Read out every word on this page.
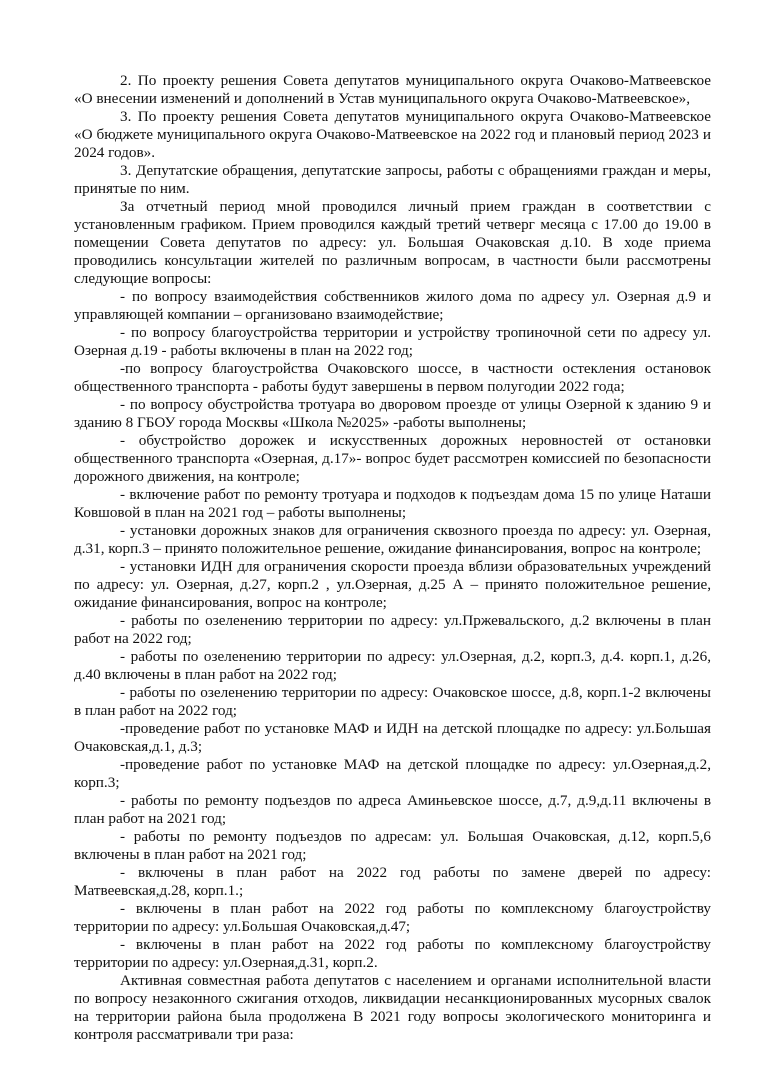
2. По проекту решения Совета депутатов муниципального округа Очаково-Матвеевское «О внесении изменений и дополнений в Устав муниципального округа Очаково-Матвеевское»,

3. По проекту решения Совета депутатов муниципального округа Очаково-Матвеевское «О бюджете муниципального округа Очаково-Матвеевское на 2022 год и плановый период 2023 и 2024 годов».

3. Депутатские обращения, депутатские запросы, работы с обращениями граждан и меры, принятые по ним.

За отчетный период мной проводился личный прием граждан в соответствии с установленным графиком. Прием проводился каждый третий четверг месяца с 17.00 до 19.00 в помещении Совета депутатов по адресу: ул. Большая Очаковская д.10. В ходе приема проводились консультации жителей по различным вопросам, в частности были рассмотрены следующие вопросы:

- по вопросу взаимодействия собственников жилого дома по адресу ул. Озерная д.9 и управляющей компании – организовано взаимодействие;

- по вопросу благоустройства территории и устройству тропиночной сети по адресу ул. Озерная д.19 - работы включены в план на 2022 год;

-по вопросу благоустройства Очаковского шоссе, в частности остекления остановок общественного транспорта - работы будут завершены в первом полугодии 2022 года;

- по вопросу обустройства тротуара во дворовом проезде от улицы Озерной к зданию 9 и зданию 8 ГБОУ города Москвы «Школа №2025» -работы выполнены;

- обустройство дорожек и искусственных дорожных неровностей от остановки общественного транспорта «Озерная, д.17»- вопрос будет рассмотрен комиссией по безопасности дорожного движения, на контроле;

- включение работ по ремонту тротуара и подходов к подъездам дома 15 по улице Наташи Ковшовой в план на 2021 год – работы выполнены;

- установки дорожных знаков для ограничения сквозного проезда по адресу: ул. Озерная, д.31, корп.3 – принято положительное решение, ожидание финансирования, вопрос на контроле;

- установки ИДН для ограничения скорости проезда вблизи образовательных учреждений по адресу: ул. Озерная, д.27, корп.2 , ул.Озерная, д.25 А – принято положительное решение, ожидание финансирования, вопрос на контроле;

- работы по озеленению территории по адресу: ул.Пржевальского, д.2 включены в план работ на 2022 год;

- работы по озеленению территории по адресу: ул.Озерная, д.2, корп.3, д.4. корп.1, д.26, д.40 включены в план работ на 2022 год;

- работы по озеленению территории по адресу: Очаковское шоссе, д.8, корп.1-2 включены в план работ на 2022 год;

-проведение работ по установке МАФ и ИДН на детской площадке по адресу: ул.Большая Очаковская,д.1, д.3;

-проведение работ по установке МАФ на детской площадке по адресу: ул.Озерная,д.2, корп.3;

- работы по ремонту подъездов по адреса Аминьевское шоссе, д.7, д.9,д.11 включены в план работ на 2021 год;

- работы по ремонту подъездов по адресам: ул. Большая Очаковская, д.12, корп.5,6 включены в план работ на 2021 год;

- включены в план работ на 2022 год работы по замене дверей по адресу: Матвеевская,д.28, корп.1.;

- включены в план работ на 2022 год работы по комплексному благоустройству территории по адресу: ул.Большая Очаковская,д.47;

- включены в план работ на 2022 год работы по комплексному благоустройству территории по адресу: ул.Озерная,д.31, корп.2.

Активная совместная работа депутатов с населением и органами исполнительной власти по вопросу незаконного сжигания отходов, ликвидации несанкционированных мусорных свалок на территории района была продолжена В 2021 году вопросы экологического мониторинга и контроля рассматривали три раза:
